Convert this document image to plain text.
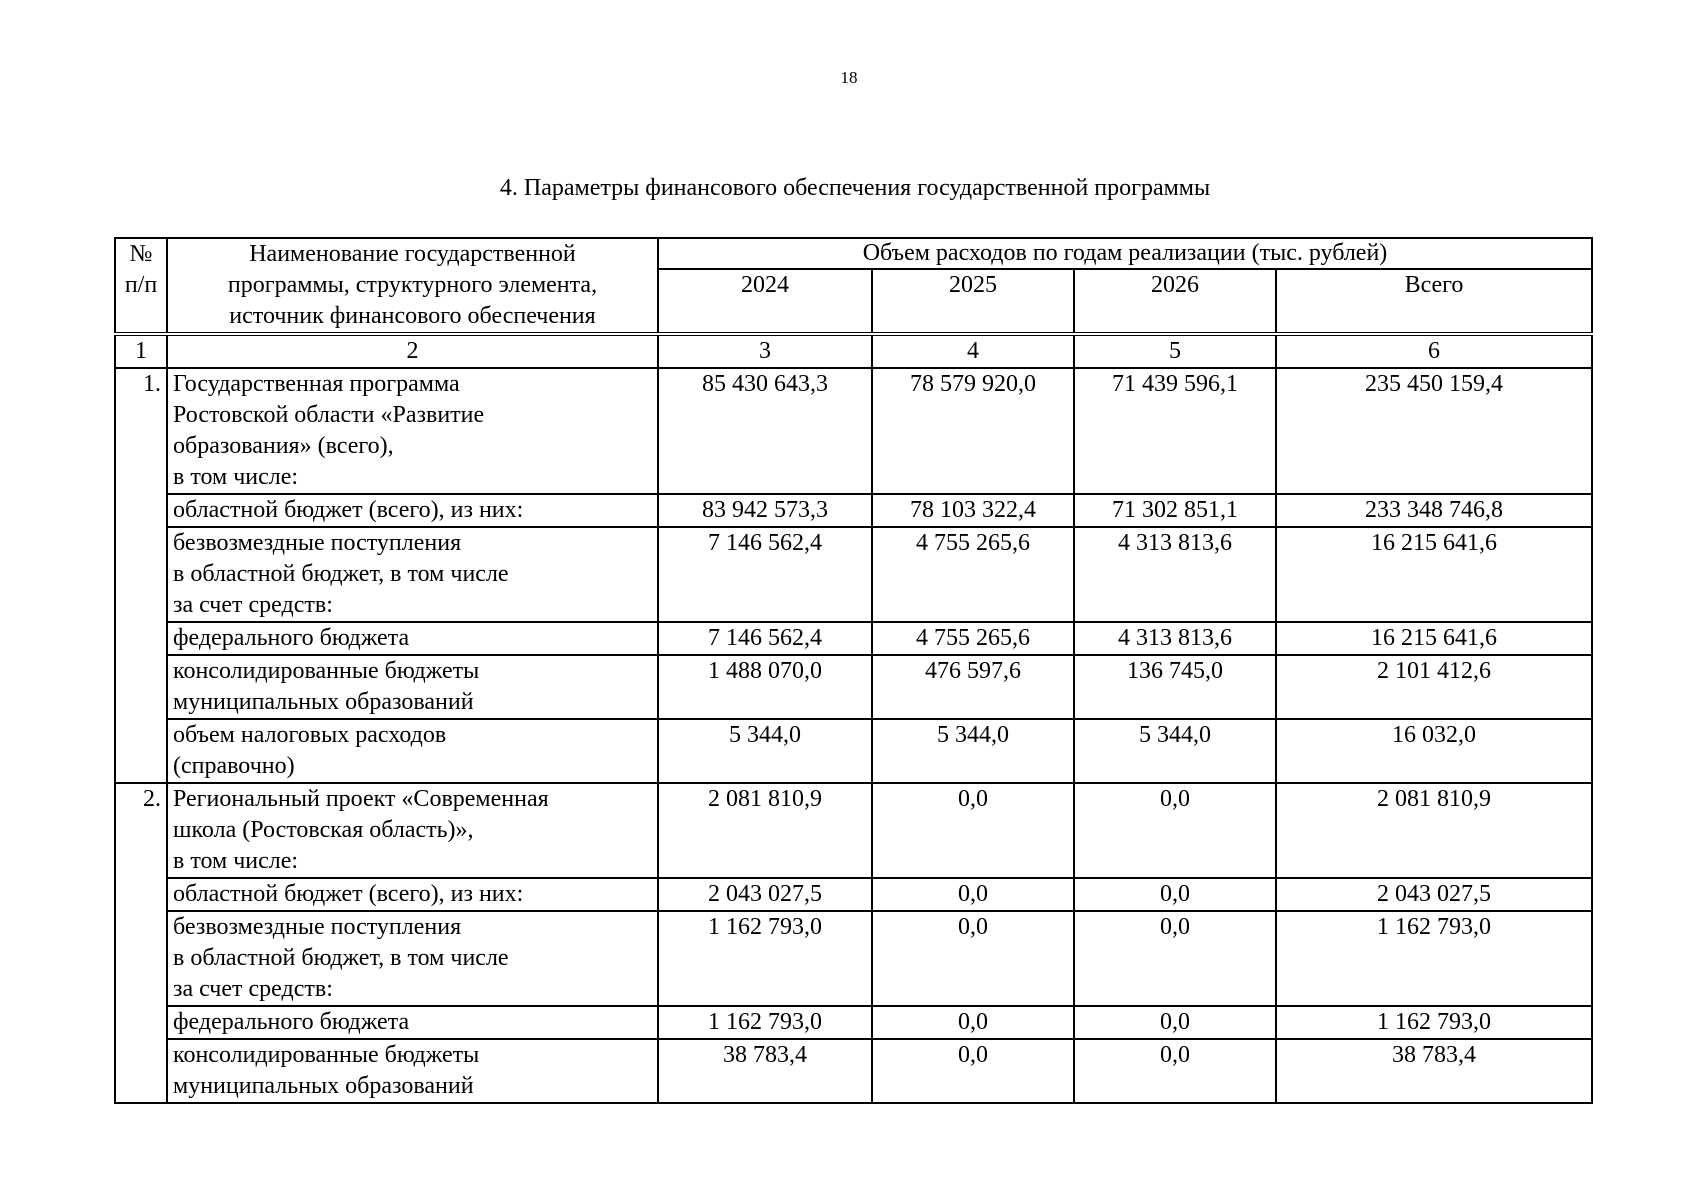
18
4. Параметры финансового обеспечения государственной программы
№
п/п	Наименование государственной
программы, структурного элемента,
источник финансового обеспечения	Объем расходов по годам реализации (тыс. рублей)			
		2024	2025	2026	Всего
1	2	3	4	5	6
1.	Государственная программа
Ростовской области «Развитие
образования» (всего),
в том числе:	85 430 643,3	78 579 920,0	71 439 596,1	235 450 159,4

	областной бюджет (всего), из них:	83 942 573,3	78 103 322,4	71 302 851,1	233 348 746,8

	безвозмездные поступления
в областной бюджет, в том числе
за счет средств:	7 146 562,4	4 755 265,6	4 313 813,6	16 215 641,6

	федерального бюджета	7 146 562,4	4 755 265,6	4 313 813,6	16 215 641,6

	консолидированные бюджеты
муниципальных образований	1 488 070,0	476 597,6	136 745,0	2 101 412,6

	объем налоговых расходов
(справочно)	5 344,0	5 344,0	5 344,0	16 032,0
2.	Региональный проект «Современная
школа (Ростовская область)»,
в том числе:	2 081 810,9	0,0	0,0	2 081 810,9

	областной бюджет (всего), из них:	2 043 027,5	0,0	0,0	2 043 027,5

	безвозмездные поступления
в областной бюджет, в том числе
за счет средств:	1 162 793,0	0,0	0,0	1 162 793,0

	федерального бюджета	1 162 793,0	0,0	0,0	1 162 793,0

	консолидированные бюджеты
муниципальных образований	38 783,4	0,0	0,0	38 783,4
